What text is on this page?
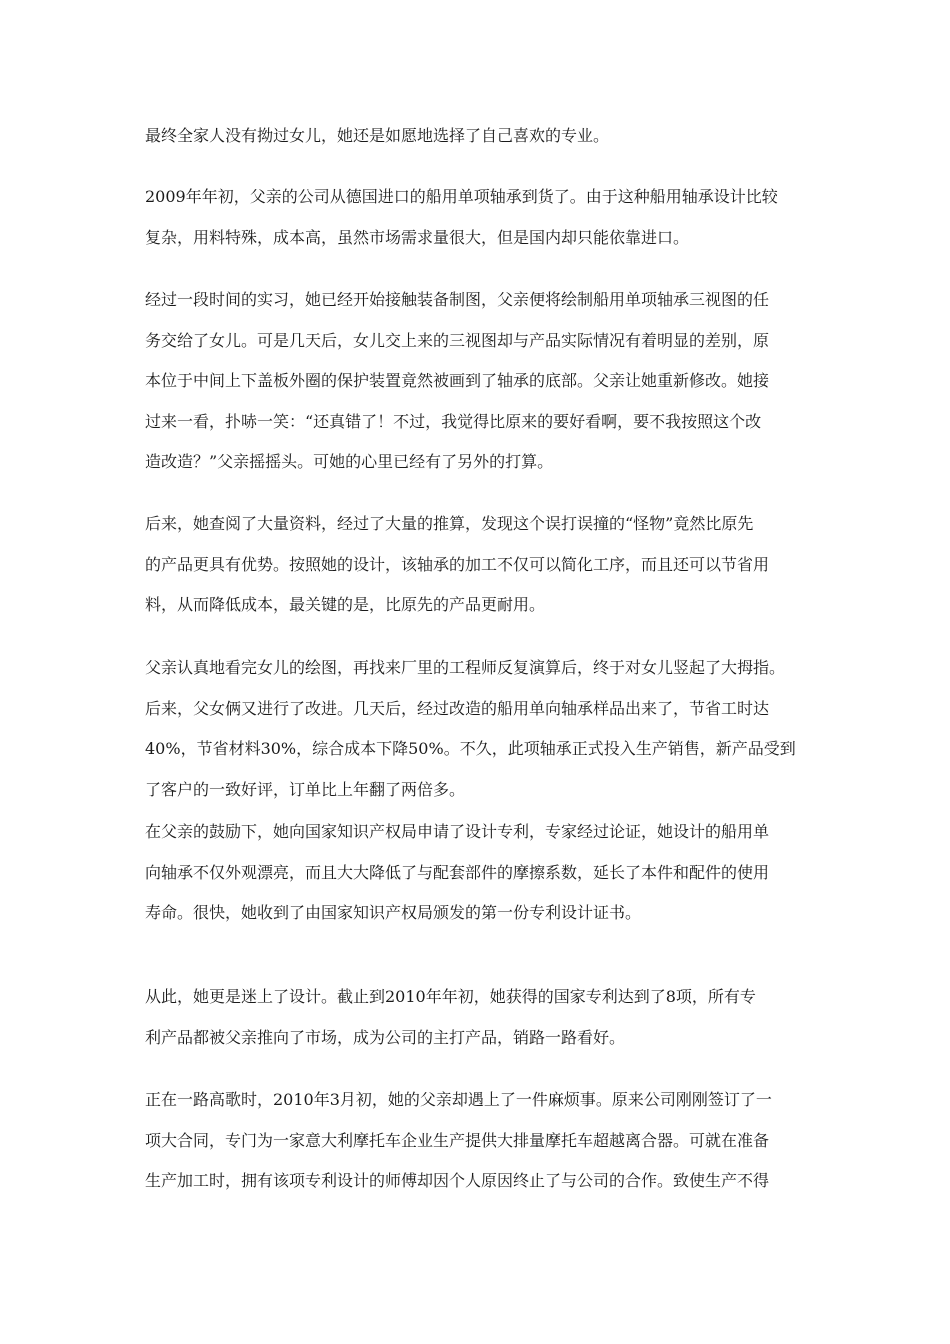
最终全家人没有拗过女儿，她还是如愿地选择了自己喜欢的专业。
2009年年初，父亲的公司从德国进口的船用单项轴承到货了。由于这种船用轴承设计比较
复杂，用料特殊，成本高，虽然市场需求量很大，但是国内却只能依靠进口。
经过一段时间的实习，她已经开始接触装备制图，父亲便将绘制船用单项轴承三视图的任
务交给了女儿。可是几天后，女儿交上来的三视图却与产品实际情况有着明显的差别，原
本位于中间上下盖板外圈的保护装置竟然被画到了轴承的底部。父亲让她重新修改。她接
过来一看，扑哧一笑：“还真错了！不过，我觉得比原来的要好看啊，要不我按照这个改
造改造？”父亲摇摇头。可她的心里已经有了另外的打算。
后来，她查阅了大量资料，经过了大量的推算，发现这个误打误撞的“怪物”竟然比原先
的产品更具有优势。按照她的设计，该轴承的加工不仅可以简化工序，而且还可以节省用
料，从而降低成本，最关键的是，比原先的产品更耐用。
父亲认真地看完女儿的绘图，再找来厂里的工程师反复演算后，终于对女儿竖起了大拇指。
后来，父女俩又进行了改进。几天后，经过改造的船用单向轴承样品出来了，节省工时达
40%，节省材料30%，综合成本下降50%。不久，此项轴承正式投入生产销售，新产品受到
了客户的一致好评，订单比上年翻了两倍多。
在父亲的鼓励下，她向国家知识产权局申请了设计专利，专家经过论证，她设计的船用单
向轴承不仅外观漂亮，而且大大降低了与配套部件的摩擦系数，延长了本件和配件的使用
寿命。很快，她收到了由国家知识产权局颁发的第一份专利设计证书。
从此，她更是迷上了设计。截止到2010年年初，她获得的国家专利达到了8项，所有专
利产品都被父亲推向了市场，成为公司的主打产品，销路一路看好。
正在一路高歌时，2010年3月初，她的父亲却遇上了一件麻烦事。原来公司刚刚签订了一
项大合同，专门为一家意大利摩托车企业生产提供大排量摩托车超越离合器。可就在准备
生产加工时，拥有该项专利设计的师傅却因个人原因终止了与公司的合作。致使生产不得
